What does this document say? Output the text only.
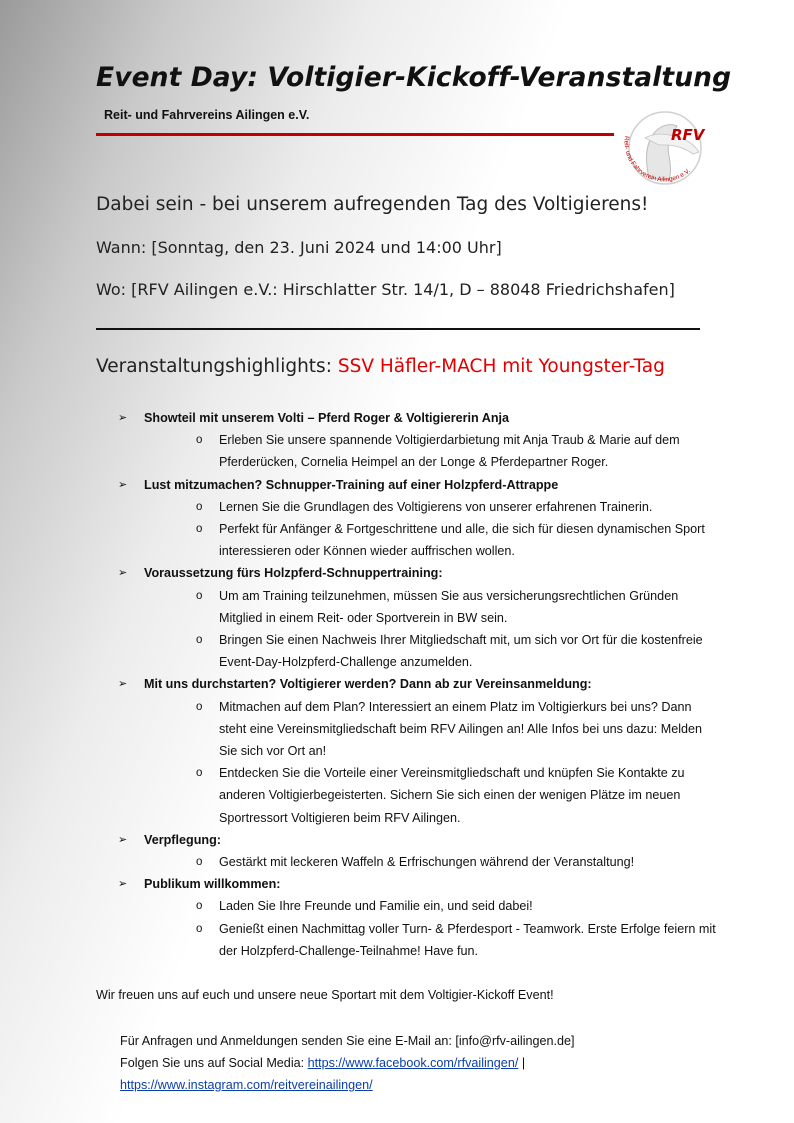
Event Day: Voltigier-Kickoff-Veranstaltung
Reit- und Fahrvereins Ailingen e.V.
RFV
Reit- und Fahrverein Ailingen e.V.
Dabei sein - bei unserem aufregenden Tag des Voltigierens!
Wann: [Sonntag, den 23. Juni 2024 und 14:00 Uhr]
Wo: [RFV Ailingen e.V.: Hirschlatter Str. 14/1, D – 88048 Friedrichshafen]
Veranstaltungshighlights: SSV Häfler-MACH mit Youngster-Tag
➢ Showteil mit unserem Volti – Pferd Roger & Voltigiererin Anja
o Erleben Sie unsere spannende Voltigierdarbietung mit Anja Traub & Marie auf dem Pferderücken, Cornelia Heimpel an der Longe & Pferdepartner Roger.
➢ Lust mitzumachen? Schnupper-Training auf einer Holzpferd-Attrappe
o Lernen Sie die Grundlagen des Voltigierens von unserer erfahrenen Trainerin.
o Perfekt für Anfänger & Fortgeschrittene und alle, die sich für diesen dynamischen Sport interessieren oder Können wieder auffrischen wollen.
➢ Voraussetzung fürs Holzpferd-Schnuppertraining:
o Um am Training teilzunehmen, müssen Sie aus versicherungsrechtlichen Gründen Mitglied in einem Reit- oder Sportverein in BW sein.
o Bringen Sie einen Nachweis Ihrer Mitgliedschaft mit, um sich vor Ort für die kostenfreie Event-Day-Holzpferd-Challenge anzumelden.
➢ Mit uns durchstarten? Voltigierer werden? Dann ab zur Vereinsanmeldung:
o Mitmachen auf dem Plan? Interessiert an einem Platz im Voltigierkurs bei uns? Dann steht eine Vereinsmitgliedschaft beim RFV Ailingen an! Alle Infos bei uns dazu: Melden Sie sich vor Ort an!
o Entdecken Sie die Vorteile einer Vereinsmitgliedschaft und knüpfen Sie Kontakte zu anderen Voltigierbegeisterten. Sichern Sie sich einen der wenigen Plätze im neuen Sportressort Voltigieren beim RFV Ailingen.
➢ Verpflegung:
o Gestärkt mit leckeren Waffeln & Erfrischungen während der Veranstaltung!
➢ Publikum willkommen:
o Laden Sie Ihre Freunde und Familie ein, und seid dabei!
o Genießt einen Nachmittag voller Turn- & Pferdesport - Teamwork. Erste Erfolge feiern mit der Holzpferd-Challenge-Teilnahme! Have fun.
Wir freuen uns auf euch und unsere neue Sportart mit dem Voltigier-Kickoff Event!
Für Anfragen und Anmeldungen senden Sie eine E-Mail an: [info@rfv-ailingen.de]
Folgen Sie uns auf Social Media: https://www.facebook.com/rfvailingen/ |
https://www.instagram.com/reitvereinailingen/
